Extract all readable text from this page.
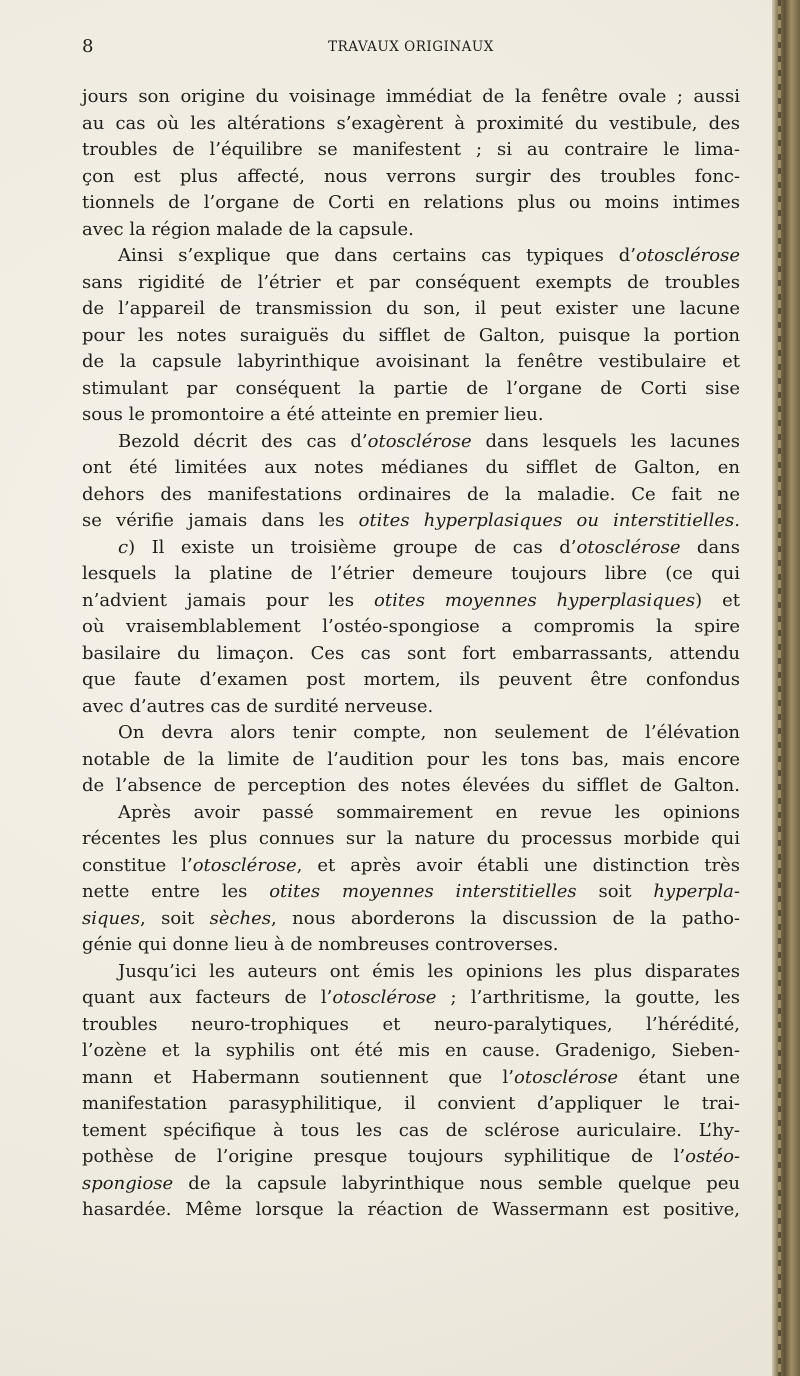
8	TRAVAUX ORIGINAUX
jours son origine du voisinage immédiat de la fenêtre ovale ; aussi
au cas où les altérations s’exagèrent à proximité du vestibule, des
troubles de l’équilibre se manifestent ; si au contraire le lima-
çon est plus affecté, nous verrons surgir des troubles fonc-
tionnels de l’organe de Corti en relations plus ou moins intimes
avec la région malade de la capsule.
Ainsi s’explique que dans certains cas typiques d’otosclérose
sans rigidité de l’étrier et par conséquent exempts de troubles
de l’appareil de transmission du son, il peut exister une lacune
pour les notes suraiguës du sifflet de Galton, puisque la portion
de la capsule labyrinthique avoisinant la fenêtre vestibulaire et
stimulant par conséquent la partie de l’organe de Corti sise
sous le promontoire a été atteinte en premier lieu.
Bezold décrit des cas d’otosclérose dans lesquels les lacunes
ont été limitées aux notes médianes du sifflet de Galton, en
dehors des manifestations ordinaires de la maladie. Ce fait ne
se vérifie jamais dans les otites hyperplasiques ou interstitielles.
c) Il existe un troisième groupe de cas d’otosclérose dans
lesquels la platine de l’étrier demeure toujours libre (ce qui
n’advient jamais pour les otites moyennes hyperplasiques) et
où vraisemblablement l’ostéo-spongiose a compromis la spire
basilaire du limaçon. Ces cas sont fort embarrassants, attendu
que faute d’examen post mortem, ils peuvent être confondus
avec d’autres cas de surdité nerveuse.
On devra alors tenir compte, non seulement de l’élévation
notable de la limite de l’audition pour les tons bas, mais encore
de l’absence de perception des notes élevées du sifflet de Galton.
Après avoir passé sommairement en revue les opinions
récentes les plus connues sur la nature du processus morbide qui
constitue l’otosclérose, et après avoir établi une distinction très
nette entre les otites moyennes interstitielles soit hyperpla-
siques, soit sèches, nous aborderons la discussion de la patho-
génie qui donne lieu à de nombreuses controverses.
Jusqu’ici les auteurs ont émis les opinions les plus disparates
quant aux facteurs de l’otosclérose ; l’arthritisme, la goutte, les
troubles neuro-trophiques et neuro-paralytiques, l’hérédité,
l’ozène et la syphilis ont été mis en cause. Gradenigo, Sieben-
mann et Habermann soutiennent que l’otosclérose étant une
manifestation parasyphilitique, il convient d’appliquer le trai-
tement spécifique à tous les cas de sclérose auriculaire. L’hy-
pothèse de l’origine presque toujours syphilitique de l’ostéo-
spongiose de la capsule labyrinthique nous semble quelque peu
hasardée. Même lorsque la réaction de Wassermann est positive,
